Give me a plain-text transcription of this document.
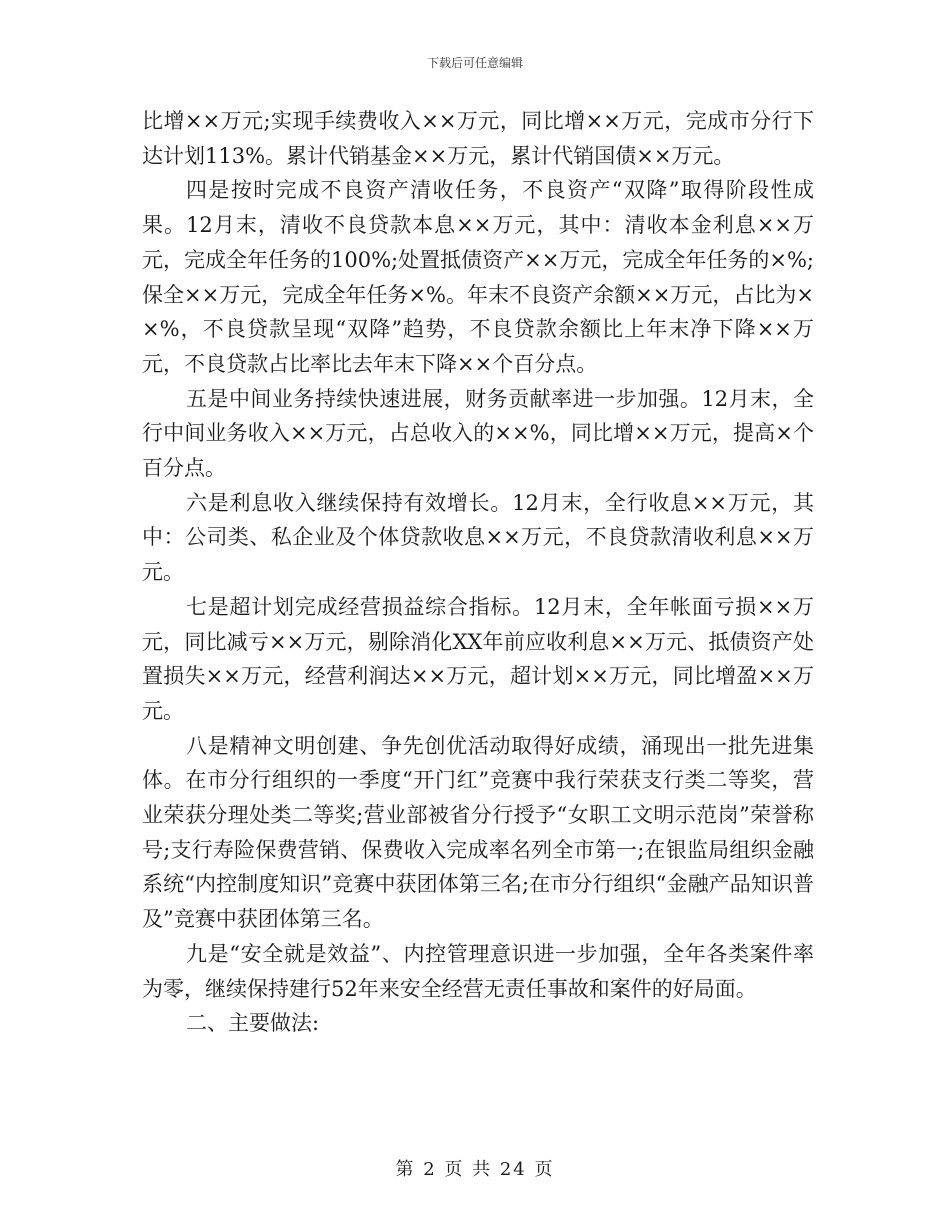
下载后可任意编辑

比增××万元;实现手续费收入××万元，同比增××万元，完成市分行下达计划113%。累计代销基金××万元，累计代销国债××万元。

四是按时完成不良资产清收任务，不良资产“双降”取得阶段性成果。12月末，清收不良贷款本息××万元，其中：清收本金利息××万元，完成全年任务的100%;处置抵债资产××万元，完成全年任务的×%;保全××万元，完成全年任务×%。年末不良资产余额××万元，占比为××%，不良贷款呈现“双降”趋势，不良贷款余额比上年末净下降××万元，不良贷款占比率比去年末下降××个百分点。

五是中间业务持续快速进展，财务贡献率进一步加强。12月末，全行中间业务收入××万元，占总收入的××%，同比增××万元，提高×个百分点。

六是利息收入继续保持有效增长。12月末，全行收息××万元，其中：公司类、私企业及个体贷款收息××万元，不良贷款清收利息××万元。

七是超计划完成经营损益综合指标。12月末，全年帐面亏损××万元，同比减亏××万元，剔除消化XX年前应收利息××万元、抵债资产处置损失××万元，经营利润达××万元，超计划××万元，同比增盈××万元。

八是精神文明创建、争先创优活动取得好成绩，涌现出一批先进集体。在市分行组织的一季度“开门红”竞赛中我行荣获支行类二等奖，营业荣获分理处类二等奖;营业部被省分行授予“女职工文明示范岗”荣誉称号;支行寿险保费营销、保费收入完成率名列全市第一;在银监局组织金融系统“内控制度知识”竞赛中获团体第三名;在市分行组织“金融产品知识普及”竞赛中获团体第三名。

九是“安全就是效益”、内控管理意识进一步加强，全年各类案件率为零，继续保持建行52年来安全经营无责任事故和案件的好局面。

二、主要做法:

第 2 页 共 24 页
